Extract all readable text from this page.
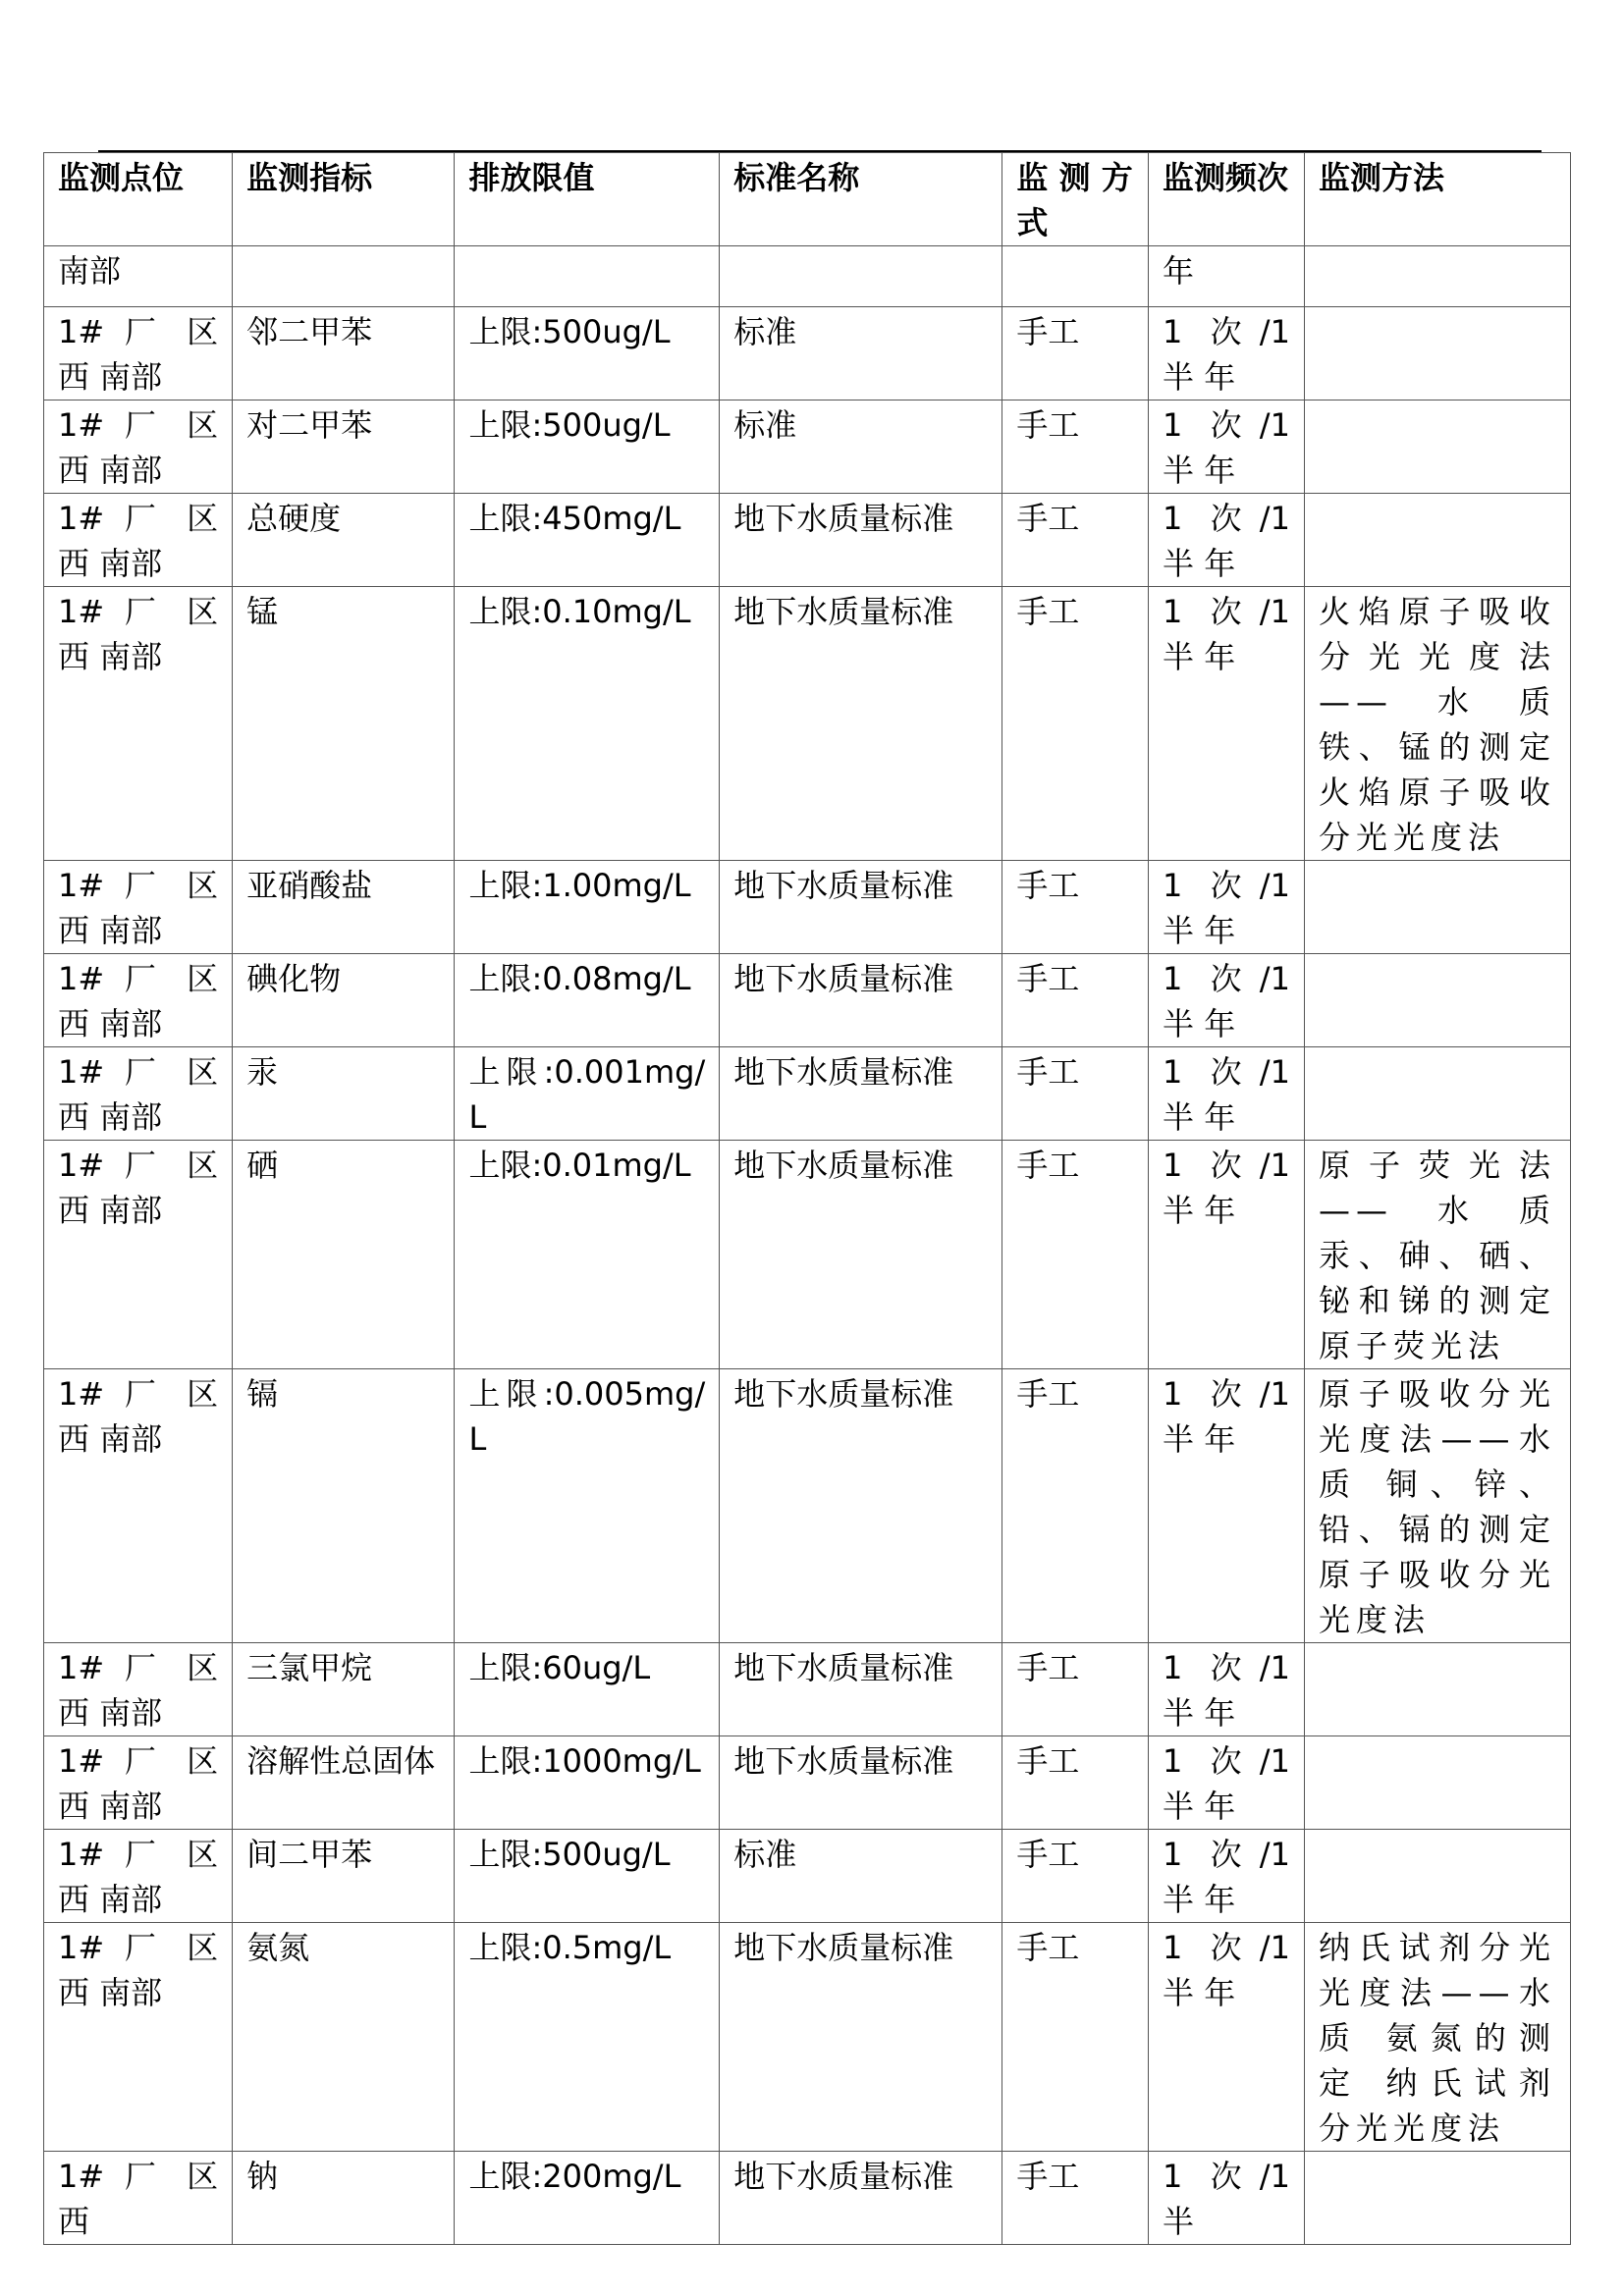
监测点位	监测指标	排放限值	标准名称	监 测 方 式	监测频次	监测方法
南部					年	
1# 厂 区 西 南部	邻二甲苯	上限:500ug/L	标准	手工	1 次/1 半 年	
1# 厂 区 西 南部	对二甲苯	上限:500ug/L	标准	手工	1 次/1 半 年	
1# 厂 区 西 南部	总硬度	上限:450mg/L	地下水质量标准	手工	1 次/1 半 年	
1# 厂 区 西 南部	锰	上限:0.10mg/L	地下水质量标准	手工	1 次/1 半 年	火焰原子吸收分光光度法——水质 铁、锰的测定 火焰原子吸收分光光度法
1# 厂 区 西 南部	亚硝酸盐	上限:1.00mg/L	地下水质量标准	手工	1 次/1 半 年	
1# 厂 区 西 南部	碘化物	上限:0.08mg/L	地下水质量标准	手工	1 次/1 半 年	
1# 厂 区 西 南部	汞	上限:0.001mg/L	地下水质量标准	手工	1 次/1 半 年	
1# 厂 区 西 南部	硒	上限:0.01mg/L	地下水质量标准	手工	1 次/1 半 年	原子荧光法——水质 汞、砷、硒、铋和锑的测定 原子荧光法
1# 厂 区 西 南部	镉	上限:0.005mg/L	地下水质量标准	手工	1 次/1 半 年	原子吸收分光光度法——水质 铜、锌、铅、镉的测定 原子吸收分光光度法
1# 厂 区 西 南部	三氯甲烷	上限:60ug/L	地下水质量标准	手工	1 次/1 半 年	
1# 厂 区 西 南部	溶解性总固体	上限:1000mg/L	地下水质量标准	手工	1 次/1 半 年	
1# 厂 区 西 南部	间二甲苯	上限:500ug/L	标准	手工	1 次/1 半 年	
1# 厂 区 西 南部	氨氮	上限:0.5mg/L	地下水质量标准	手工	1 次/1 半 年	纳氏试剂分光光度法——水质 氨氮的测定 纳氏试剂分光光度法
1# 厂 区 西	钠	上限:200mg/L	地下水质量标准	手工	1 次/1 半	
